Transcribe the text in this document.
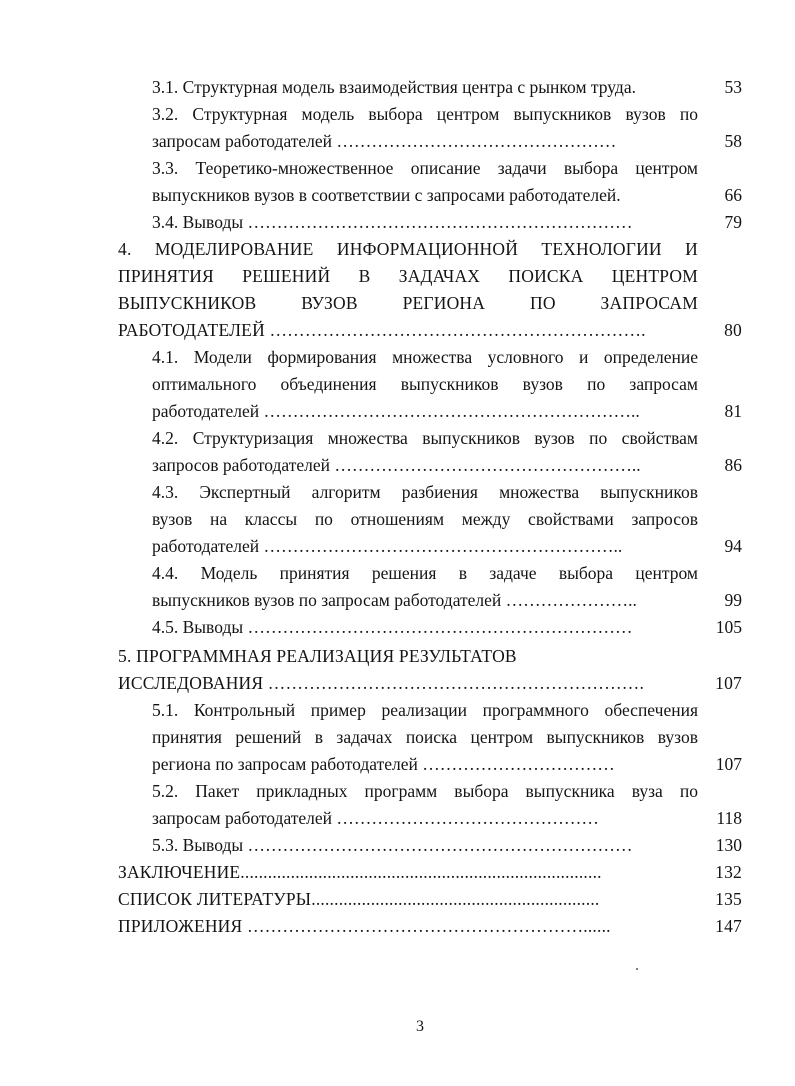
3.1. Структурная модель взаимодействия центра с рынком труда.	53
3.2. Структурная модель выбора центром выпускников вузов по
запросам работодателей …………………………………………	58
3.3. Теоретико-множественное описание задачи выбора центром
выпускников вузов в соответствии с запросами работодателей.	66
3.4. Выводы …………………………………………………………	79
4. МОДЕЛИРОВАНИЕ ИНФОРМАЦИОННОЙ ТЕХНОЛОГИИ И
ПРИНЯТИЯ РЕШЕНИЙ В ЗАДАЧАХ ПОИСКА ЦЕНТРОМ
ВЫПУСКНИКОВ ВУЗОВ РЕГИОНА ПО ЗАПРОСАМ
РАБОТОДАТЕЛЕЙ ……………………………………………………….	80
4.1. Модели формирования множества условного и определение
оптимального объединения выпускников вузов по запросам
работодателей ………………………………………………………..	81
4.2. Структуризация множества выпускников вузов по свойствам
запросов работодателей ……………………………………………..	86
4.3. Экспертный алгоритм разбиения множества выпускников
вузов на классы по отношениям между свойствами запросов
работодателей ……………………………………………………..	94
4.4. Модель принятия решения в задаче выбора центром
выпускников вузов по запросам работодателей …………………..	99
4.5. Выводы …………………………………………………………	105
5. ПРОГРАММНАЯ РЕАЛИЗАЦИЯ РЕЗУЛЬТАТОВ
ИССЛЕДОВАНИЯ ……………………………………………………….	107
5.1. Контрольный пример реализации программного обеспечения
принятия решений в задачах поиска центром выпускников вузов
региона по запросам работодателей ……………………………	107
5.2. Пакет прикладных программ выбора выпускника вуза по
запросам работодателей ………………………………………	118
5.3. Выводы …………………………………………………………	130
ЗАКЛЮЧЕНИЕ...............................................................................	132
СПИСОК ЛИТЕРАТУРЫ...............................................................	135
ПРИЛОЖЕНИЯ …………………………………………………......	147
3
